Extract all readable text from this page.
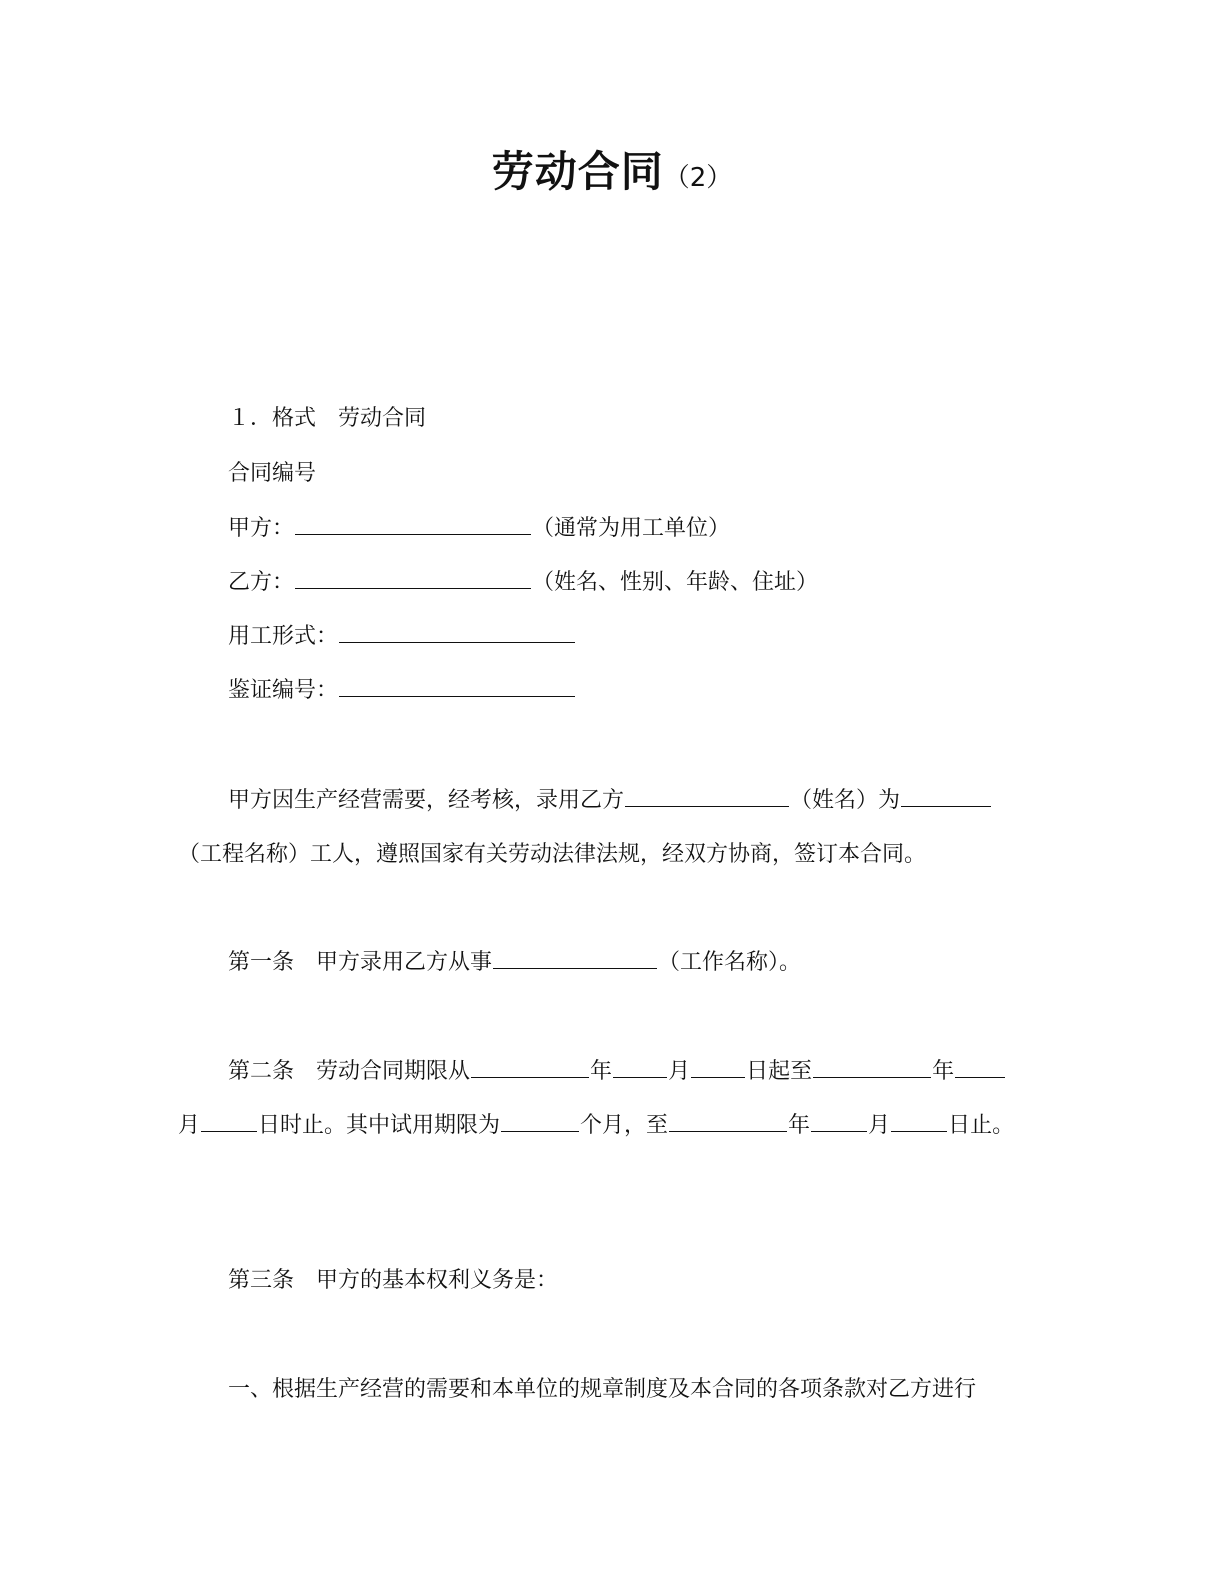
劳动合同（2）
１．格式　劳动合同
合同编号
甲方：	（通常为用工单位）
乙方：	（姓名、性别、年龄、住址）
用工形式：
鉴证编号：
甲方因生产经营需要，经考核，录用乙方	（姓名）为
（工程名称）工人，遵照国家有关劳动法律法规，经双方协商，签订本合同。
第一条　 甲方录用乙方从事	（工作名称）。
第二条　 劳动合同期限从	年	月	日起至	年
月	日时止。其中试用期限为	个月，至	年	月	日止。
第三条　 甲方的基本权利义务是：
一、根据生产经营的需要和本单位的规章制度及本合同的各项条款对乙方进行
